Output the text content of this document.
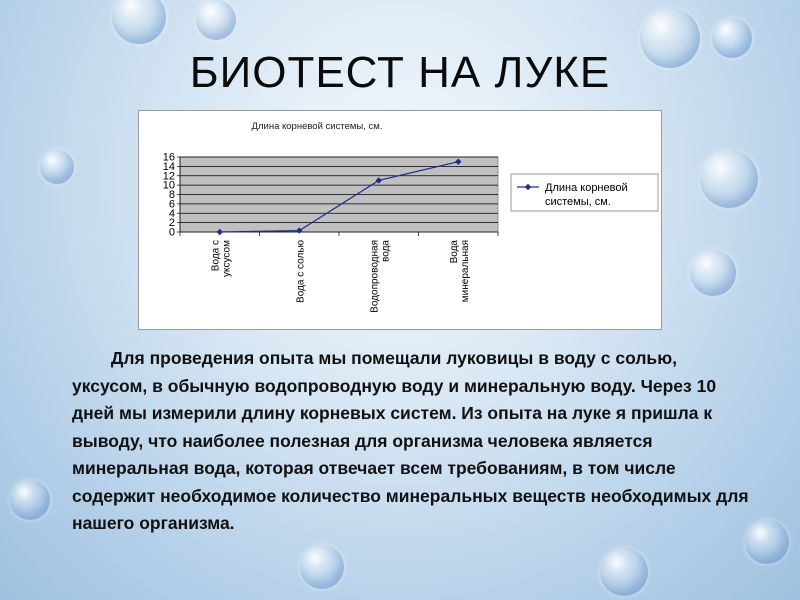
БИОТЕСТ НА ЛУКЕ
Длина корневой системы, см.
0
2
4
6
8
10
12
14
16
Вода с уксусом	Вода с солью	Водопроводная вода	Вода минеральная
Длина корневой
системы, см.
Для проведения опыта мы помещали луковицы в воду с солью, уксусом, в обычную водопроводную воду и минеральную воду. Через 10 дней мы измерили длину корневых систем. Из опыта на луке я пришла к выводу, что наиболее полезная для организма человека является минеральная вода, которая отвечает всем требованиям, в том числе содержит необходимое количество минеральных веществ необходимых для нашего организма.
